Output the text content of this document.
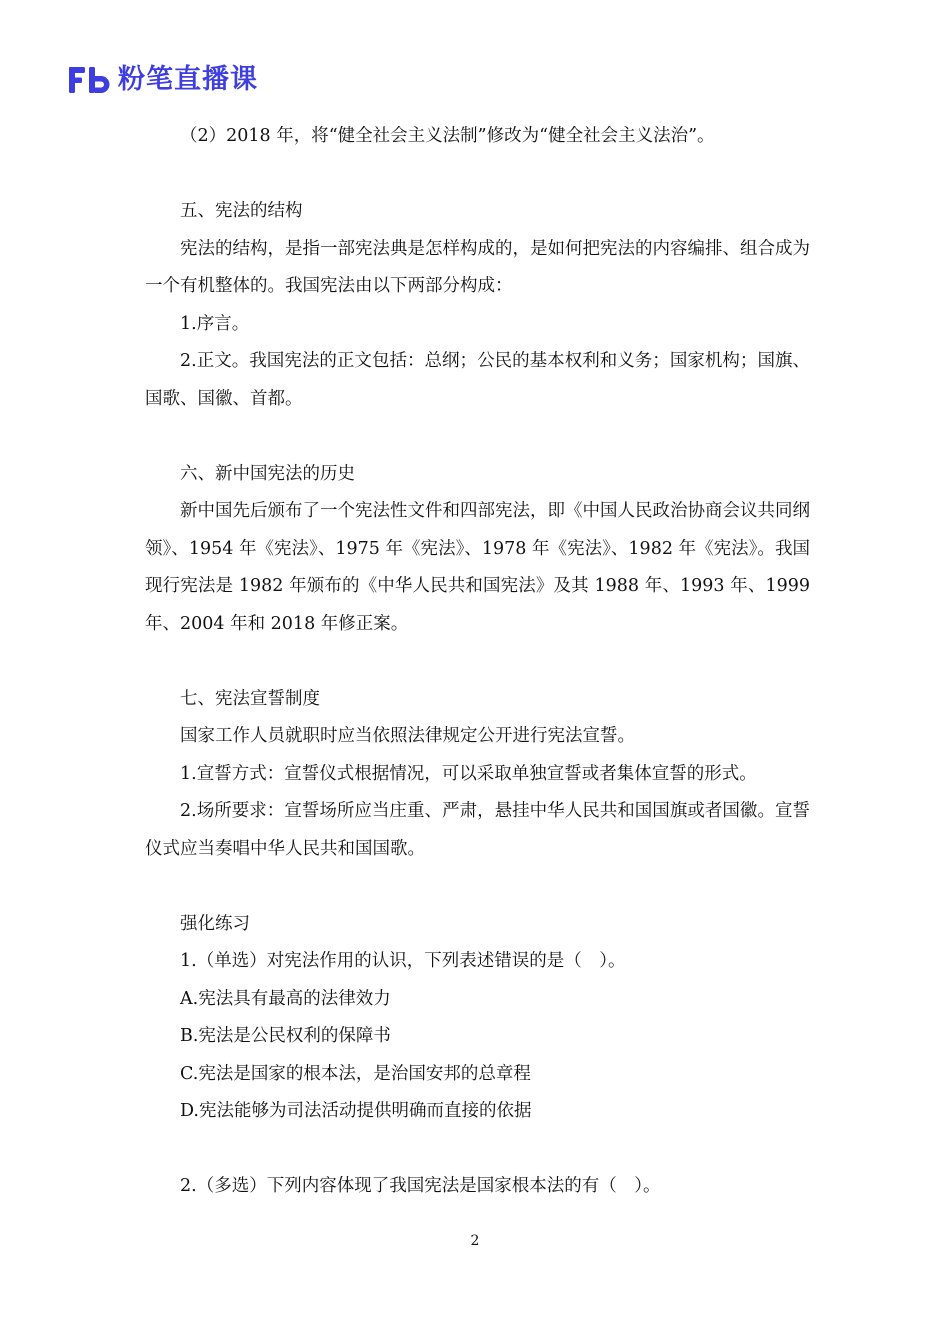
粉笔直播课

（2）2018 年，将“健全社会主义法制”修改为“健全社会主义法治”。

五、宪法的结构

宪法的结构，是指一部宪法典是怎样构成的，是如何把宪法的内容编排、组合成为一个有机整体的。我国宪法由以下两部分构成：

1.序言。

2.正文。我国宪法的正文包括：总纲；公民的基本权利和义务；国家机构；国旗、国歌、国徽、首都。

六、新中国宪法的历史

新中国先后颁布了一个宪法性文件和四部宪法，即《中国人民政治协商会议共同纲领》、1954 年《宪法》、1975 年《宪法》、1978 年《宪法》、1982 年《宪法》。我国现行宪法是 1982 年颁布的《中华人民共和国宪法》及其 1988 年、1993 年、1999 年、2004 年和 2018 年修正案。

七、宪法宣誓制度

国家工作人员就职时应当依照法律规定公开进行宪法宣誓。

1.宣誓方式：宣誓仪式根据情况，可以采取单独宣誓或者集体宣誓的形式。

2.场所要求：宣誓场所应当庄重、严肃，悬挂中华人民共和国国旗或者国徽。宣誓仪式应当奏唱中华人民共和国国歌。

强化练习

1.（单选）对宪法作用的认识，下列表述错误的是（　）。

A.宪法具有最高的法律效力

B.宪法是公民权利的保障书

C.宪法是国家的根本法，是治国安邦的总章程

D.宪法能够为司法活动提供明确而直接的依据

2.（多选）下列内容体现了我国宪法是国家根本法的有（　）。

2
